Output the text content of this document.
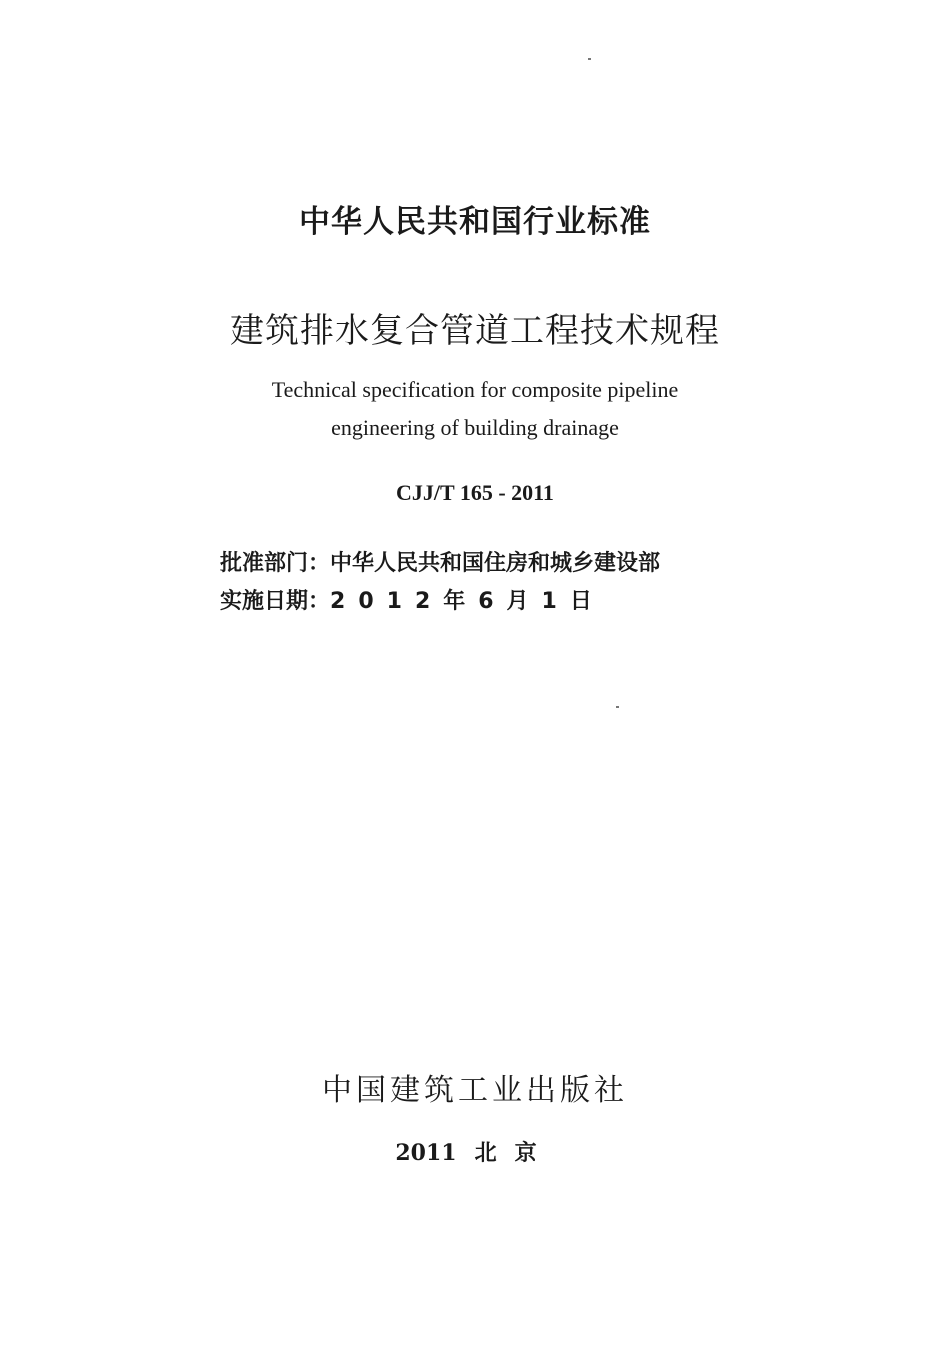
中华人民共和国行业标准
建筑排水复合管道工程技术规程
Technical specification for composite pipeline
engineering of building drainage
CJJ/T 165 - 2011
批准部门：中华人民共和国住房和城乡建设部
实施日期：2012年6月1日
中国建筑工业出版社
2011 北京
